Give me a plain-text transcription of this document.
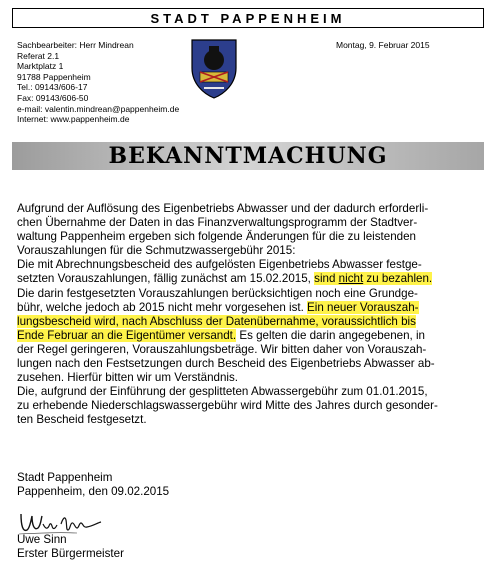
STADT PAPPENHEIM
Sachbearbeiter: Herr Mindrean
Referat 2.1
Marktplatz 1
91788 Pappenheim
Tel.: 09143/606-17
Fax: 09143/606-50
e-mail: valentin.mindrean@pappenheim.de
Internet: www.pappenheim.de
Montag, 9. Februar 2015
BEKANNTMACHUNG
Aufgrund der Auflösung des Eigenbetriebs Abwasser und der dadurch erforderli-
chen Übernahme der Daten in das Finanzverwaltungsprogramm der Stadtver-
waltung Pappenheim ergeben sich folgende Änderungen für die zu leistenden
Vorauszahlungen für die Schmutzwassergebühr 2015:
Die mit Abrechnungsbescheid des aufgelösten Eigenbetriebs Abwasser festge-
setzten Vorauszahlungen, fällig zunächst am 15.02.2015, sind nicht zu bezahlen.
Die darin festgesetzten Vorauszahlungen berücksichtigen noch eine Grundge-
bühr, welche jedoch ab 2015 nicht mehr vorgesehen ist. Ein neuer Vorauszah-
lungsbescheid wird, nach Abschluss der Datenübernahme, voraussichtlich bis
Ende Februar an die Eigentümer versandt. Es gelten die darin angegebenen, in
der Regel geringeren, Vorauszahlungsbeträge. Wir bitten daher von Vorauszah-
lungen nach den Festsetzungen durch Bescheid des Eigenbetriebs Abwasser ab-
zusehen. Hierfür bitten wir um Verständnis.
Die, aufgrund der Einführung der gesplitteten Abwassergebühr zum 01.01.2015,
zu erhebende Niederschlagswassergebühr wird Mitte des Jahres durch gesonder-
ten Bescheid festgesetzt.
Stadt Pappenheim
Pappenheim, den 09.02.2015
Uwe Sinn
Erster Bürgermeister
